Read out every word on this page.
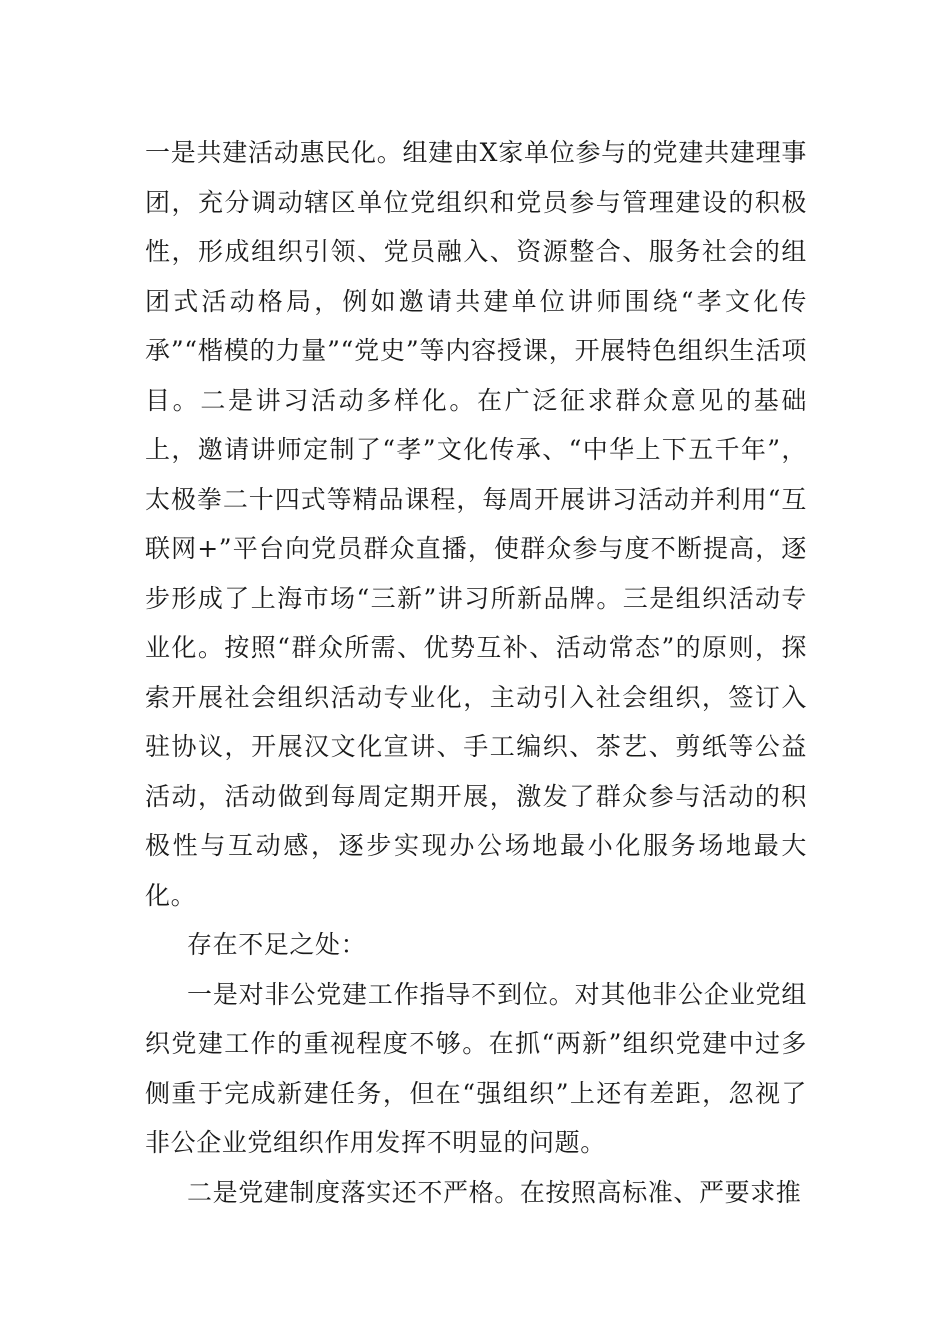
一是共建活动惠民化。组建由X家单位参与的党建共建理事团，充分调动辖区单位党组织和党员参与管理建设的积极性，形成组织引领、党员融入、资源整合、服务社会的组团式活动格局，例如邀请共建单位讲师围绕“孝文化传承”“楷模的力量”“党史”等内容授课，开展特色组织生活项目。二是讲习活动多样化。在广泛征求群众意见的基础上，邀请讲师定制了“孝”文化传承、“中华上下五千年”，太极拳二十四式等精品课程，每周开展讲习活动并利用“互联网+”平台向党员群众直播，使群众参与度不断提高，逐步形成了上海市场“三新”讲习所新品牌。三是组织活动专业化。按照“群众所需、优势互补、活动常态”的原则，探索开展社会组织活动专业化，主动引入社会组织，签订入驻协议，开展汉文化宣讲、手工编织、茶艺、剪纸等公益活动，活动做到每周定期开展，激发了群众参与活动的积极性与互动感，逐步实现办公场地最小化服务场地最大化。

存在不足之处：

一是对非公党建工作指导不到位。对其他非公企业党组织党建工作的重视程度不够。在抓“两新”组织党建中过多侧重于完成新建任务，但在“强组织”上还有差距，忽视了非公企业党组织作用发挥不明显的问题。

二是党建制度落实还不严格。在按照高标准、严要求推
